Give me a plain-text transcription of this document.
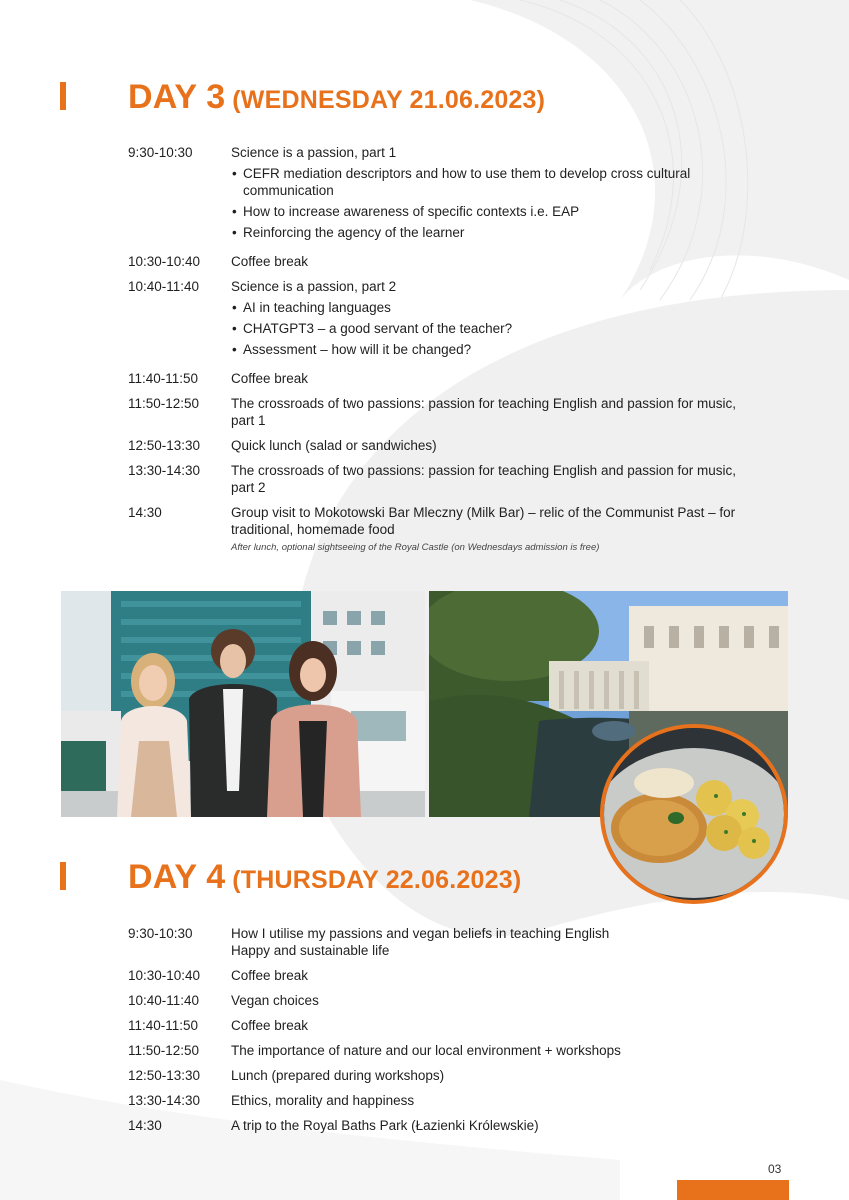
DAY 3 (WEDNESDAY 21.06.2023)
9:30-10:30	Science is a passion, part 1
• CEFR mediation descriptors and how to use them to develop cross cultural communication
• How to increase awareness of specific contexts i.e. EAP
• Reinforcing the agency of the learner
10:30-10:40	Coffee break
10:40-11:40	Science is a passion, part 2
• AI in teaching languages
• CHATGPT3 – a good servant of the teacher?
• Assessment – how will it be changed?
11:40-11:50	Coffee break
11:50-12:50	The crossroads of two passions: passion for teaching English and passion for music, part 1
12:50-13:30	Quick lunch (salad or sandwiches)
13:30-14:30	The crossroads of two passions: passion for teaching English and passion for music, part 2
14:30	Group visit to Mokotowski Bar Mleczny (Milk Bar) – relic of the Communist Past – for traditional, homemade food
After lunch, optional sightseeing of the Royal Castle (on Wednesdays admission is free)
DAY 4 (THURSDAY 22.06.2023)
9:30-10:30	How I utilise my passions and vegan beliefs in teaching English
Happy and sustainable life
10:30-10:40	Coffee break
10:40-11:40	Vegan choices
11:40-11:50	Coffee break
11:50-12:50	The importance of nature and our local environment + workshops
12:50-13:30	Lunch (prepared during workshops)
13:30-14:30	Ethics, morality and happiness
14:30	A trip to the Royal Baths Park (Łazienki Królewskie)
03
